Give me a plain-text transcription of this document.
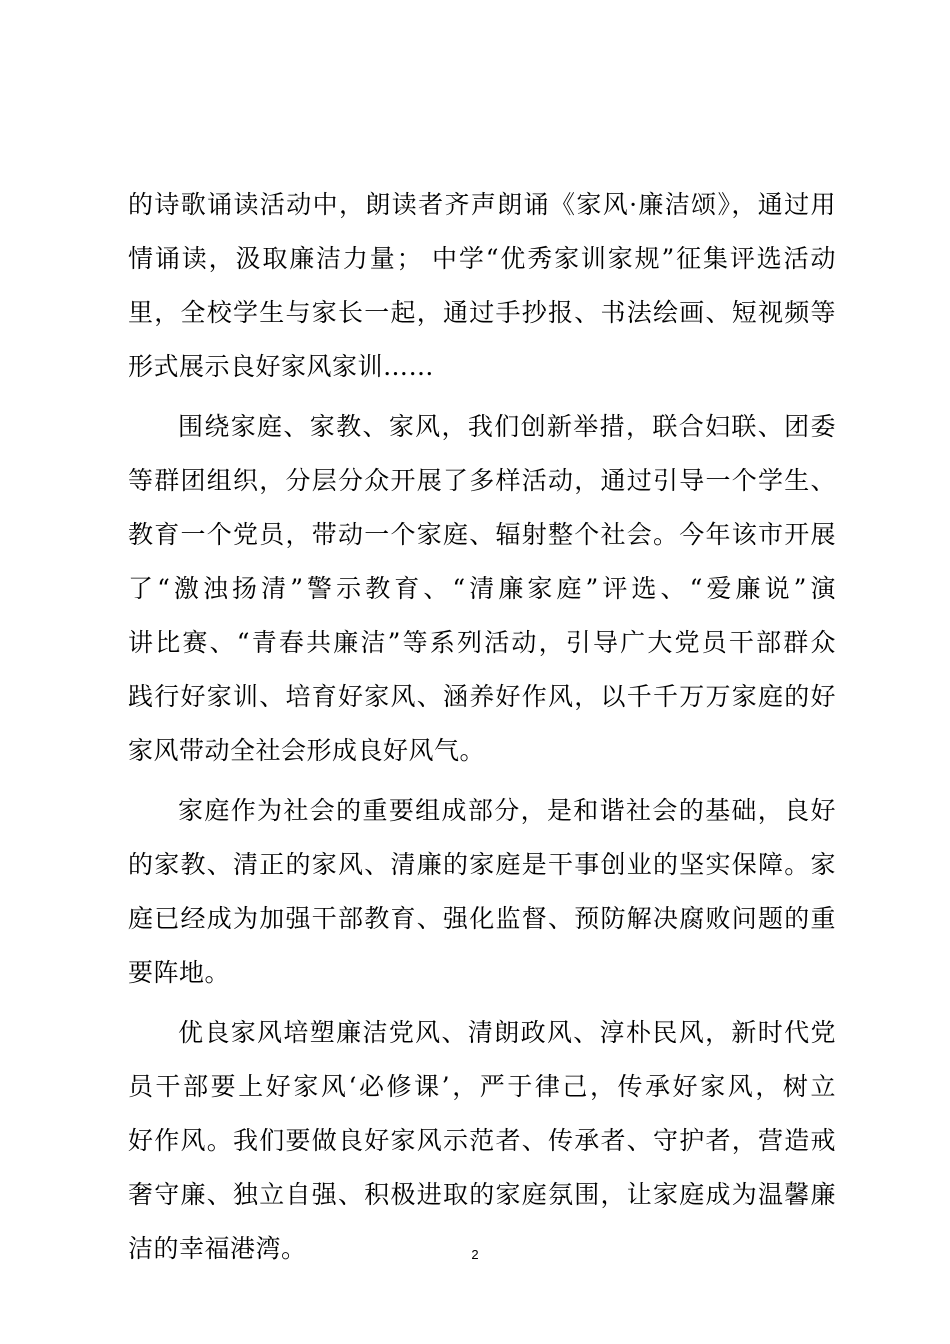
的诗歌诵读活动中，朗读者齐声朗诵《家风·廉洁颂》，通过用
情诵读，汲取廉洁力量； 中学“优秀家训家规”征集评选活动
里，全校学生与家长一起，通过手抄报、书法绘画、短视频等
形式展示良好家风家训……
围绕家庭、家教、家风，我们创新举措，联合妇联、团委
等群团组织，分层分众开展了多样活动，通过引导一个学生、
教育一个党员，带动一个家庭、辐射整个社会。今年该市开展
了“激浊扬清”警示教育、“清廉家庭”评选、“爱廉说”演
讲比赛、“青春共廉洁”等系列活动，引导广大党员干部群众
践行好家训、培育好家风、涵养好作风，以千千万万家庭的好
家风带动全社会形成良好风气。
家庭作为社会的重要组成部分，是和谐社会的基础，良好
的家教、清正的家风、清廉的家庭是干事创业的坚实保障。家
庭已经成为加强干部教育、强化监督、预防解决腐败问题的重
要阵地。
优良家风培塑廉洁党风、清朗政风、淳朴民风，新时代党
员干部要上好家风‘必修课’，严于律己，传承好家风，树立
好作风。我们要做良好家风示范者、传承者、守护者，营造戒
奢守廉、独立自强、积极进取的家庭氛围，让家庭成为温馨廉
洁的幸福港湾。	2
